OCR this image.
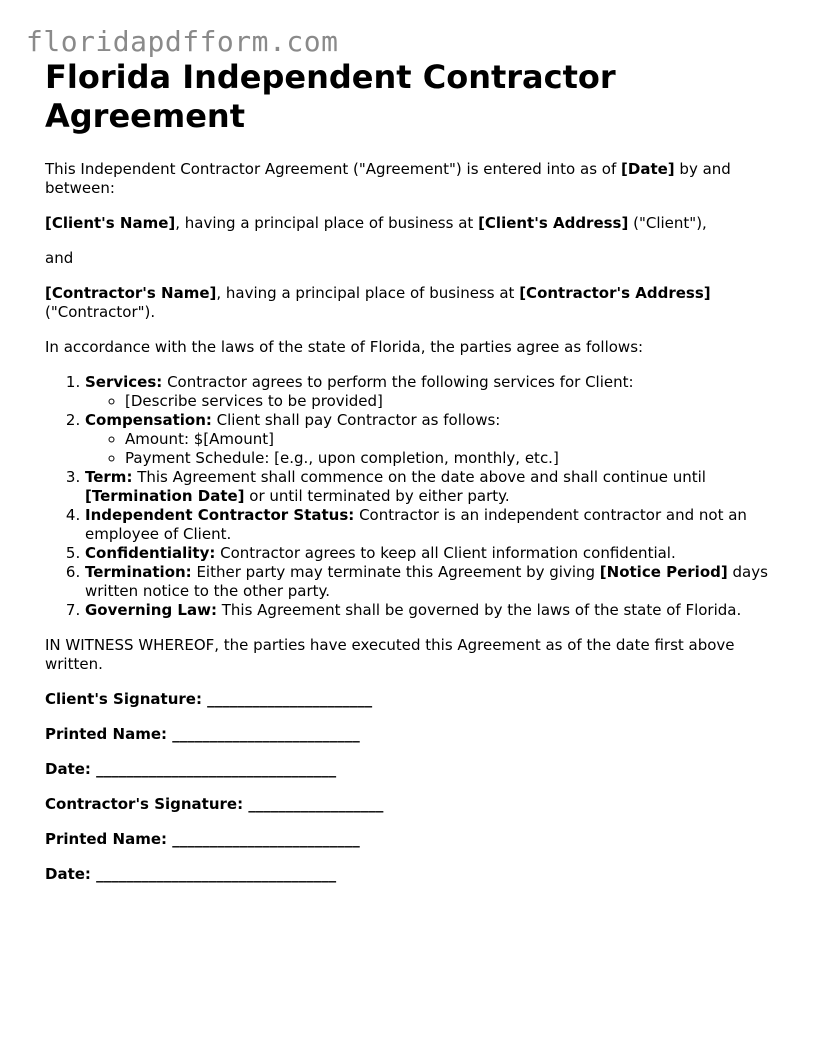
floridapdfform.com
Florida Independent Contractor Agreement

This Independent Contractor Agreement ("Agreement") is entered into as of [Date] by and between:

[Client's Name], having a principal place of business at [Client's Address] ("Client"),

and

[Contractor's Name], having a principal place of business at [Contractor's Address] ("Contractor").

In accordance with the laws of the state of Florida, the parties agree as follows:

1. Services: Contractor agrees to perform the following services for Client:
◦ [Describe services to be provided]
2. Compensation: Client shall pay Contractor as follows:
◦ Amount: $[Amount]
◦ Payment Schedule: [e.g., upon completion, monthly, etc.]
3. Term: This Agreement shall commence on the date above and shall continue until [Termination Date] or until terminated by either party.
4. Independent Contractor Status: Contractor is an independent contractor and not an employee of Client.
5. Confidentiality: Contractor agrees to keep all Client information confidential.
6. Termination: Either party may terminate this Agreement by giving [Notice Period] days written notice to the other party.
7. Governing Law: This Agreement shall be governed by the laws of the state of Florida.

IN WITNESS WHEREOF, the parties have executed this Agreement as of the date first above written.

Client's Signature: ______________________

Printed Name: _________________________

Date: ________________________________

Contractor's Signature: __________________

Printed Name: _________________________

Date: ________________________________
